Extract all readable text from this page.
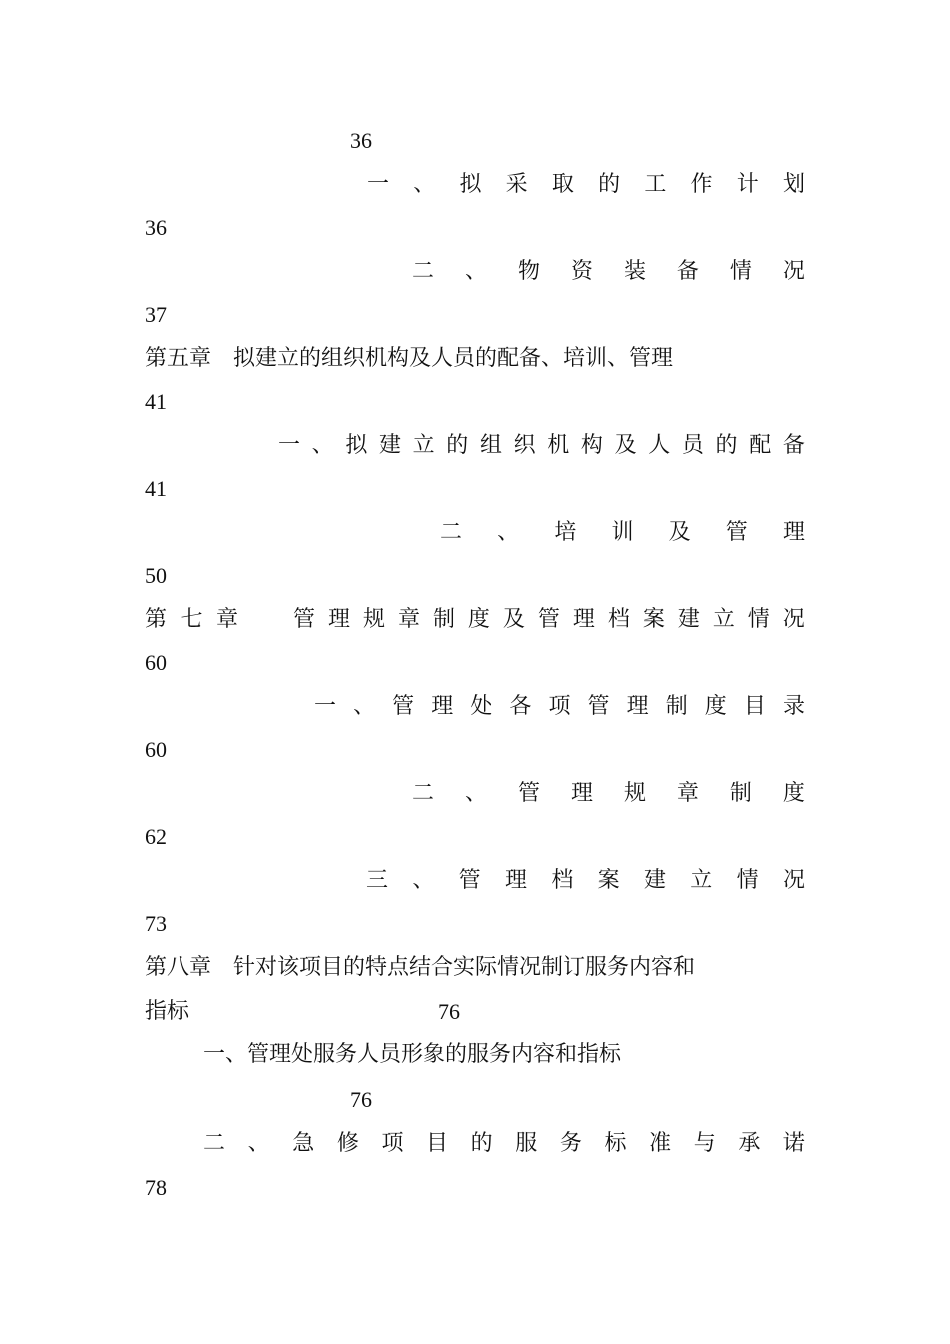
36
一 、 拟 采 取 的 工 作 计 划
36
二 、 物 资 装 备 情 况
37
第五章　拟建立的组织机构及人员的配备、培训、管理
41
一 、 拟 建 立 的 组 织 机 构 及 人 员 的 配 备
41
二 、 培 训 及 管 理
50
第 七 章	管 理 规 章 制 度 及 管 理 档 案 建 立 情 况
60
一 、 管 理 处 各 项 管 理 制 度 目 录
60
二 、 管 理 规 章 制 度
62
三 、 管 理 档 案 建 立 情 况
73
第八章　针对该项目的特点结合实际情况制订服务内容和
指标	76
一、管理处服务人员形象的服务内容和指标
76
二 、 急 修 项 目 的 服 务 标 准 与 承 诺
78
